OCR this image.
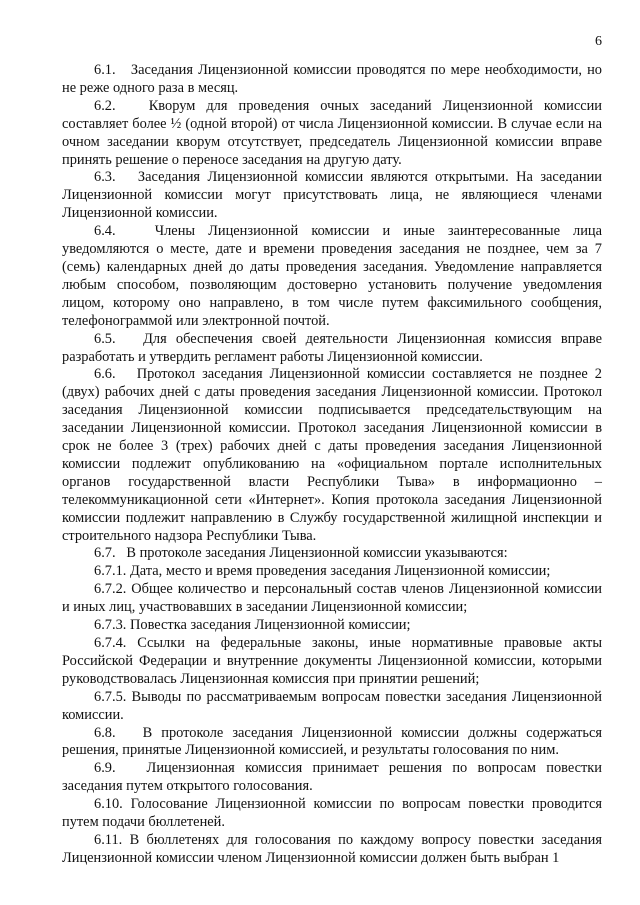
6

6.1.   Заседания Лицензионной комиссии проводятся по мере необходимости, но не реже одного раза в месяц.

6.2.   Кворум для проведения очных заседаний Лицензионной комиссии составляет более ½ (одной второй) от числа Лицензионной комиссии. В случае если на очном заседании кворум отсутствует, председатель Лицензионной комиссии вправе принять решение о переносе заседания на другую дату.

6.3.   Заседания Лицензионной комиссии являются открытыми. На заседании Лицензионной комиссии могут присутствовать лица, не являющиеся членами Лицензионной комиссии.

6.4.   Члены Лицензионной комиссии и иные заинтересованные лица уведомляются о месте, дате и времени проведения заседания не позднее, чем за 7 (семь) календарных дней до даты проведения заседания. Уведомление направляется любым способом, позволяющим достоверно установить получение уведомления лицом, которому оно направлено, в том числе путем факсимильного сообщения, телефонограммой или электронной почтой.

6.5.   Для обеспечения своей деятельности Лицензионная комиссия вправе разработать и утвердить регламент работы Лицензионной комиссии.

6.6.   Протокол заседания Лицензионной комиссии составляется не позднее 2 (двух) рабочих дней с даты проведения заседания Лицензионной комиссии. Протокол заседания Лицензионной комиссии подписывается председательствующим на заседании Лицензионной комиссии. Протокол заседания Лицензионной комиссии в срок не более 3 (трех) рабочих дней с даты проведения заседания Лицензионной комиссии подлежит опубликованию на «официальном портале исполнительных органов государственной власти Республики Тыва» в информационно – телекоммуникационной сети «Интернет». Копия протокола заседания Лицензионной комиссии подлежит направлению в Службу государственной жилищной инспекции и строительного надзора Республики Тыва.

6.7.   В протоколе заседания Лицензионной комиссии указываются:

6.7.1. Дата, место и время проведения заседания Лицензионной комиссии;

6.7.2. Общее количество и персональный состав членов Лицензионной комиссии и иных лиц, участвовавших в заседании Лицензионной комиссии;

6.7.3. Повестка заседания Лицензионной комиссии;

6.7.4. Ссылки на федеральные законы, иные нормативные правовые акты Российской Федерации и внутренние документы Лицензионной комиссии, которыми руководствовалась Лицензионная комиссия при принятии решений;

6.7.5. Выводы по рассматриваемым вопросам повестки заседания Лицензионной комиссии.

6.8.   В протоколе заседания Лицензионной комиссии должны содержаться решения, принятые Лицензионной комиссией, и результаты голосования по ним.

6.9.   Лицензионная комиссия принимает решения по вопросам повестки заседания путем открытого голосования.

6.10. Голосование Лицензионной комиссии по вопросам повестки проводится путем подачи бюллетеней.

6.11. В бюллетенях для голосования по каждому вопросу повестки заседания Лицензионной комиссии членом Лицензионной комиссии должен быть выбран 1
